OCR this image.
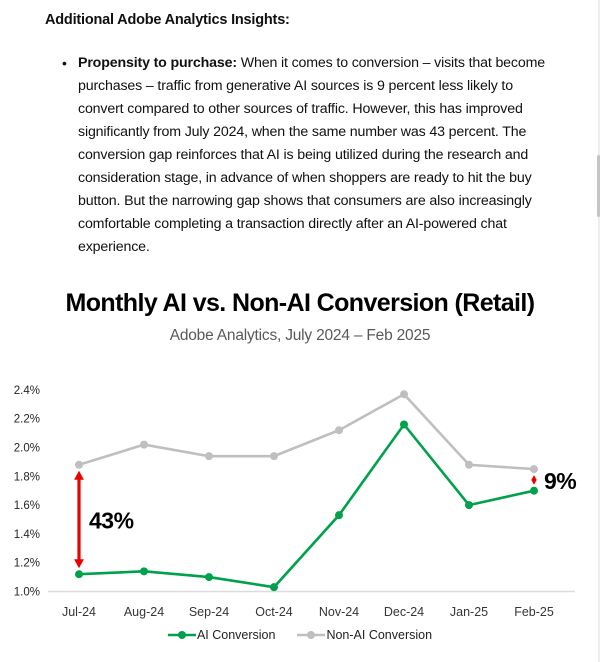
Additional Adobe Analytics Insights:
• Propensity to purchase: When it comes to conversion – visits that become purchases – traffic from generative AI sources is 9 percent less likely to convert compared to other sources of traffic. However, this has improved significantly from July 2024, when the same number was 43 percent. The conversion gap reinforces that AI is being utilized during the research and consideration stage, in advance of when shoppers are ready to hit the buy button. But the narrowing gap shows that consumers are also increasingly comfortable completing a transaction directly after an AI-powered chat experience.

Monthly AI vs. Non-AI Conversion (Retail)
Adobe Analytics, July 2024 – Feb 2025
1.0%
1.2%
1.4%
1.6%
1.8%
2.0%
2.2%
2.4%
Jul-24 Aug-24 Sep-24 Oct-24 Nov-24 Dec-24 Jan-25 Feb-25
43%
9%
AI Conversion	Non-AI Conversion
